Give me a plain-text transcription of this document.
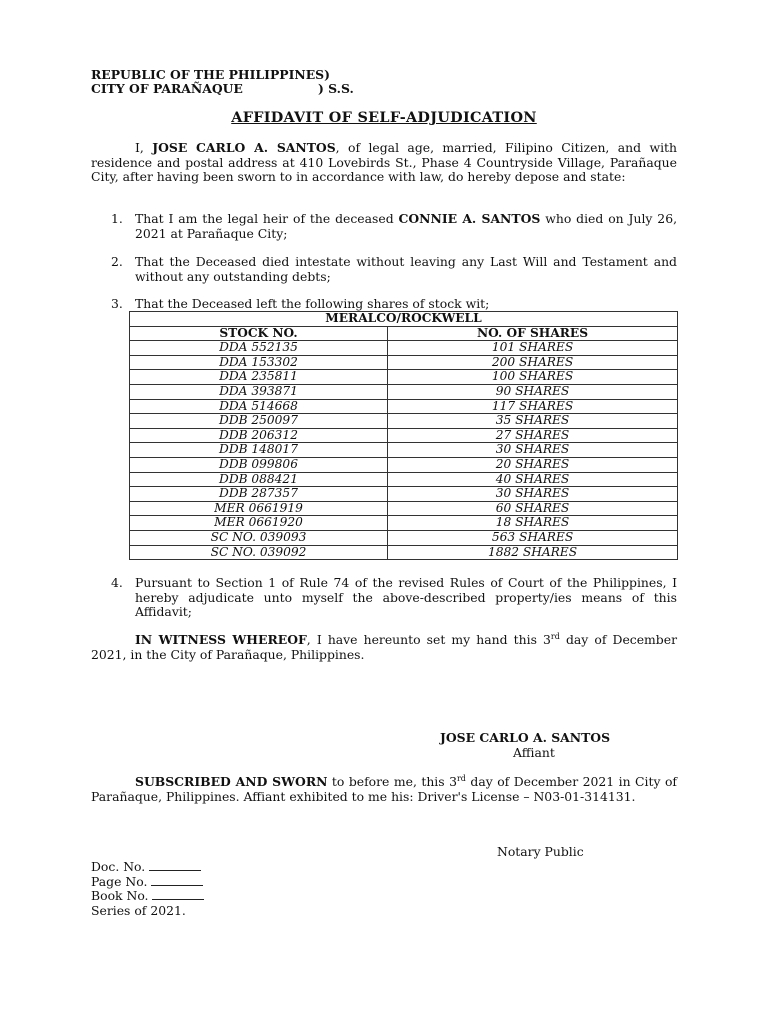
REPUBLIC OF THE PHILIPPINES)
CITY OF PARAÑAQUE	) S.S.
AFFIDAVIT OF SELF-ADJUDICATION
I, JOSE CARLO A. SANTOS, of legal age, married, Filipino Citizen, and with residence and postal address at 410 Lovebirds St., Phase 4 Countryside Village, Parañaque City, after having been sworn to in accordance with law, do hereby depose and state:
1. That I am the legal heir of the deceased CONNIE A. SANTOS who died on July 26, 2021 at Parañaque City;
2. That the Deceased died intestate without leaving any Last Will and Testament and without any outstanding debts;
3. That the Deceased left the following shares of stock wit;
MERALCO/ROCKWELL	
STOCK NO.	NO. OF SHARES
DDA 552135	101 SHARES
DDA 153302	200 SHARES
DDA 235811	100 SHARES
DDA 393871	90 SHARES
DDA 514668	117 SHARES
DDB 250097	35 SHARES
DDB 206312	27 SHARES
DDB 148017	30 SHARES
DDB 099806	20 SHARES
DDB 088421	40 SHARES
DDB 287357	30 SHARES
MER 0661919	60 SHARES
MER 0661920	18 SHARES
SC NO. 039093	563 SHARES
SC NO. 039092	1882 SHARES
4. Pursuant to Section 1 of Rule 74 of the revised Rules of Court of the Philippines, I hereby adjudicate unto myself the above-described property/ies means of this Affidavit;
IN WITNESS WHEREOF, I have hereunto set my hand this 3rd day of December 2021, in the City of Parañaque, Philippines.
JOSE CARLO A. SANTOS
Affiant
SUBSCRIBED AND SWORN to before me, this 3rd day of December 2021 in City of Parañaque, Philippines. Affiant exhibited to me his: Driver's License – N03-01-314131.
Notary Public
Doc. No.
Page No.
Book No.
Series of 2021.
